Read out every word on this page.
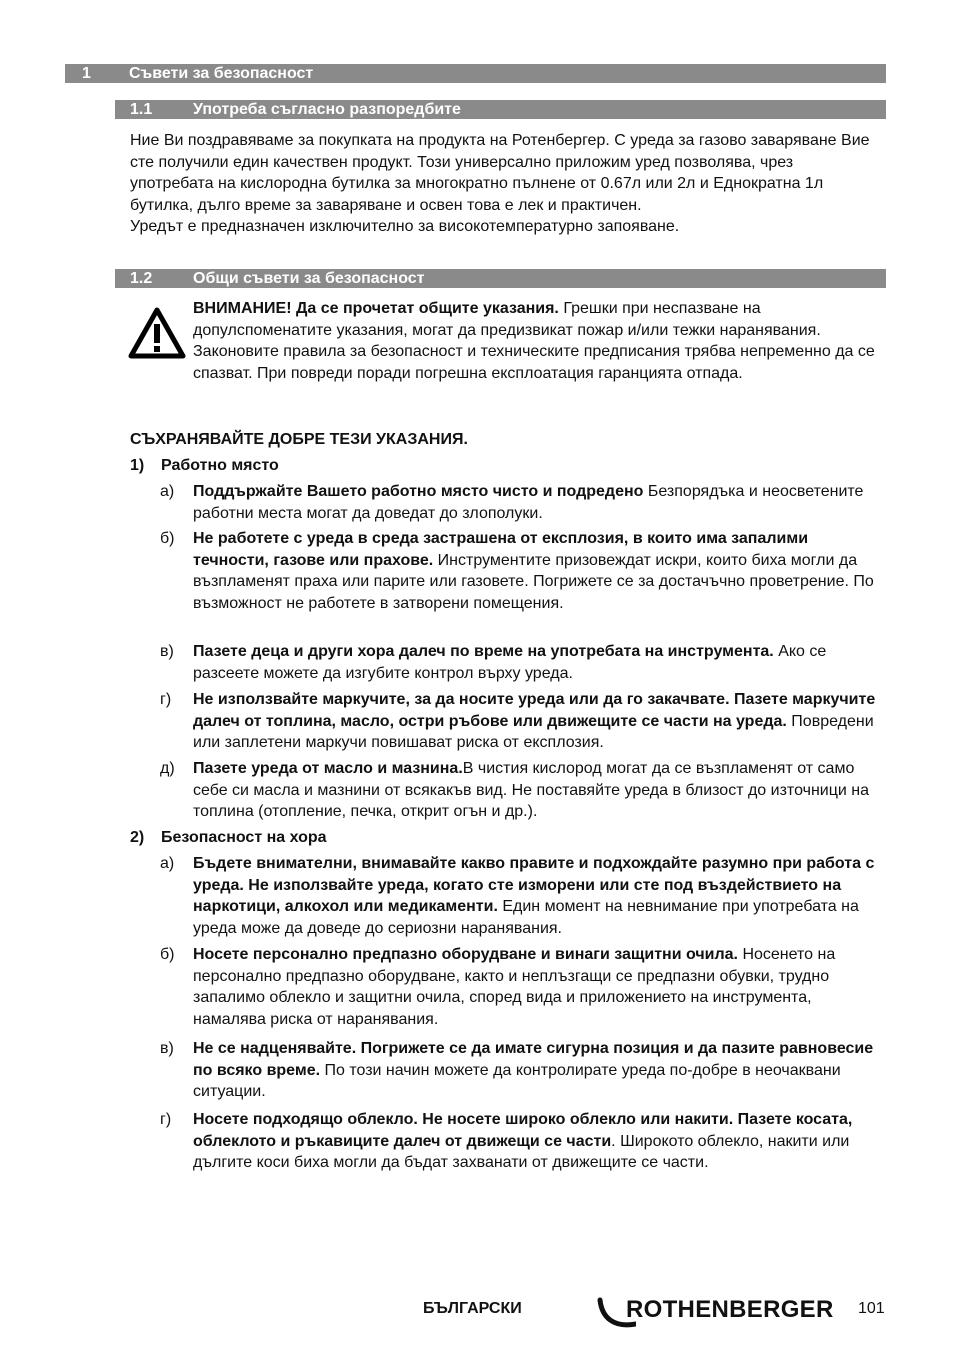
1 Съвети за безопасност
1.1	Употреба съгласно разпоредбите

Ние Ви поздравяваме за покупката на продукта на Ротенбергер. С уреда за газово заваряване Вие сте получили един качествен продукт. Този универсално приложим уред позволява, чрез употребата на кислородна бутилка за многократно пълнене от 0.67л или 2л и Еднократна 1л бутилка, дълго време за заваряване и освен това е лек и практичен.

Уредът е предназначен изключително за високотемпературно запояване.

1.2	Общи съвети за безопасност

ВНИМАНИЕ! Да се прочетат общите указания. Грешки при неспазване на допулспоменатите указания, могат да предизвикат пожар и/или тежки наранявания. Законовите правила за безопасност и техническите предписания трябва непременно да се спазват. При повреди поради погрешна експлоатация гаранцията отпада.

СЪХРАНЯВАЙТЕ ДОБРЕ ТЕЗИ УКАЗАНИЯ.
1) Работно място
а) Поддържайте Вашето работно място чисто и подредено Безпорядъка и неосветените работни места могат да доведат до злополуки.

б) Не работете с уреда в среда застрашена от експлозия, в които има запалими течности, газове или прахове. Инструментите призовеждат искри, които биха могли да възпламенят праха или парите или газовете. Погрижете се за достачъчно проветрение. По възможност не работете в затворени помещения.

в) Пазете деца и други хора далеч по време на употребата на инструмента. Ако се разсеете можете да изгубите контрол върху уреда.

г) Не използвайте маркучите, за да носите уреда или да го закачвате. Пазете маркучите далеч от топлина, масло, остри ръбове или движещите се части на уреда. Повредени или заплетени маркучи повишават риска от експлозия.

д) Пазете уреда от масло и мазнина.В чистия кислород могат да се възпламенят от само себе си масла и мазнини от всякакъв вид. Не поставяйте уреда в близост до източници на топлина (отопление, печка, открит огън и др.).

2) Безопасност на хора
а) Бъдете внимателни, внимавайте какво правите и подхождайте разумно при работа с уреда. Не използвайте уреда, когато сте изморени или сте под въздействието на наркотици, алкохол или медикаменти. Един момент на невнимание при употребата на уреда може да доведе до сериозни наранявания.

б) Носете персонално предпазно оборудване и винаги защитни очила. Носенето на персонално предпазно оборудване, както и неплъзгащи се предпазни обувки, трудно запалимо облекло и защитни очила, според вида и приложението на инструмента, намалява риска от наранявания.

в) Не се надценявайте. Погрижете се да имате сигурна позиция и да пазите равновесие по всяко време. По този начин можете да контролирате уреда по-добре в неочаквани ситуации.

г) Носете подходящо облекло. Не носете широко облекло или накити. Пазете косата, облеклото и ръкавиците далеч от движещи се части. Широкото облекло, накити или дългите коси биха могли да бъдат захванати от движещите се части.

БЪЛГАРСКИ	ROTHENBERGER 101
